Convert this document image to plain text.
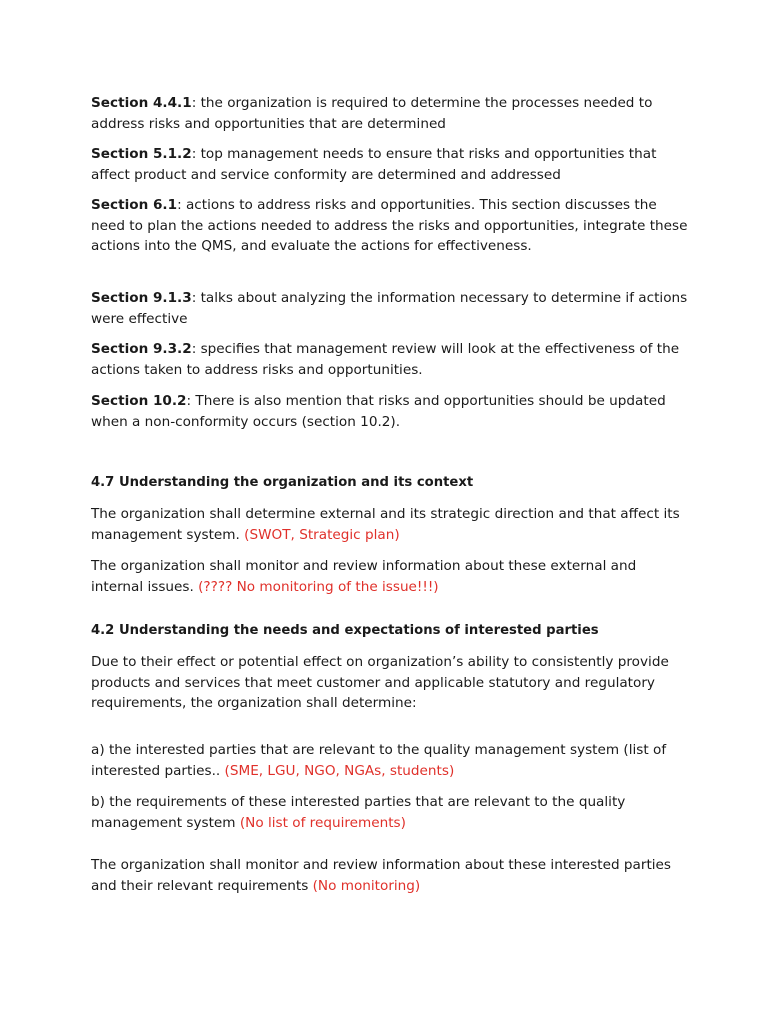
Section 4.4.1: the organization is required to determine the processes needed to address risks and opportunities that are determined

Section 5.1.2: top management needs to ensure that risks and opportunities that affect product and service conformity are determined and addressed

Section 6.1: actions to address risks and opportunities. This section discusses the need to plan the actions needed to address the risks and opportunities, integrate these actions into the QMS, and evaluate the actions for effectiveness.

Section 9.1.3: talks about analyzing the information necessary to determine if actions were effective

Section 9.3.2: specifies that management review will look at the effectiveness of the actions taken to address risks and opportunities.

Section 10.2: There is also mention that risks and opportunities should be updated when a non-conformity occurs (section 10.2).

4.7 Understanding the organization and its context

The organization shall determine external and its strategic direction and that affect its management system. (SWOT, Strategic plan)

The organization shall monitor and review information about these external and internal issues. (???? No monitoring of the issue!!!)

4.2 Understanding the needs and expectations of interested parties

Due to their effect or potential effect on organization’s ability to consistently provide products and services that meet customer and applicable statutory and regulatory requirements, the organization shall determine:

a) the interested parties that are relevant to the quality management system (list of interested parties.. (SME, LGU, NGO, NGAs, students)

b) the requirements of these interested parties that are relevant to the quality management system (No list of requirements)

The organization shall monitor and review information about these interested parties and their relevant requirements (No monitoring)
